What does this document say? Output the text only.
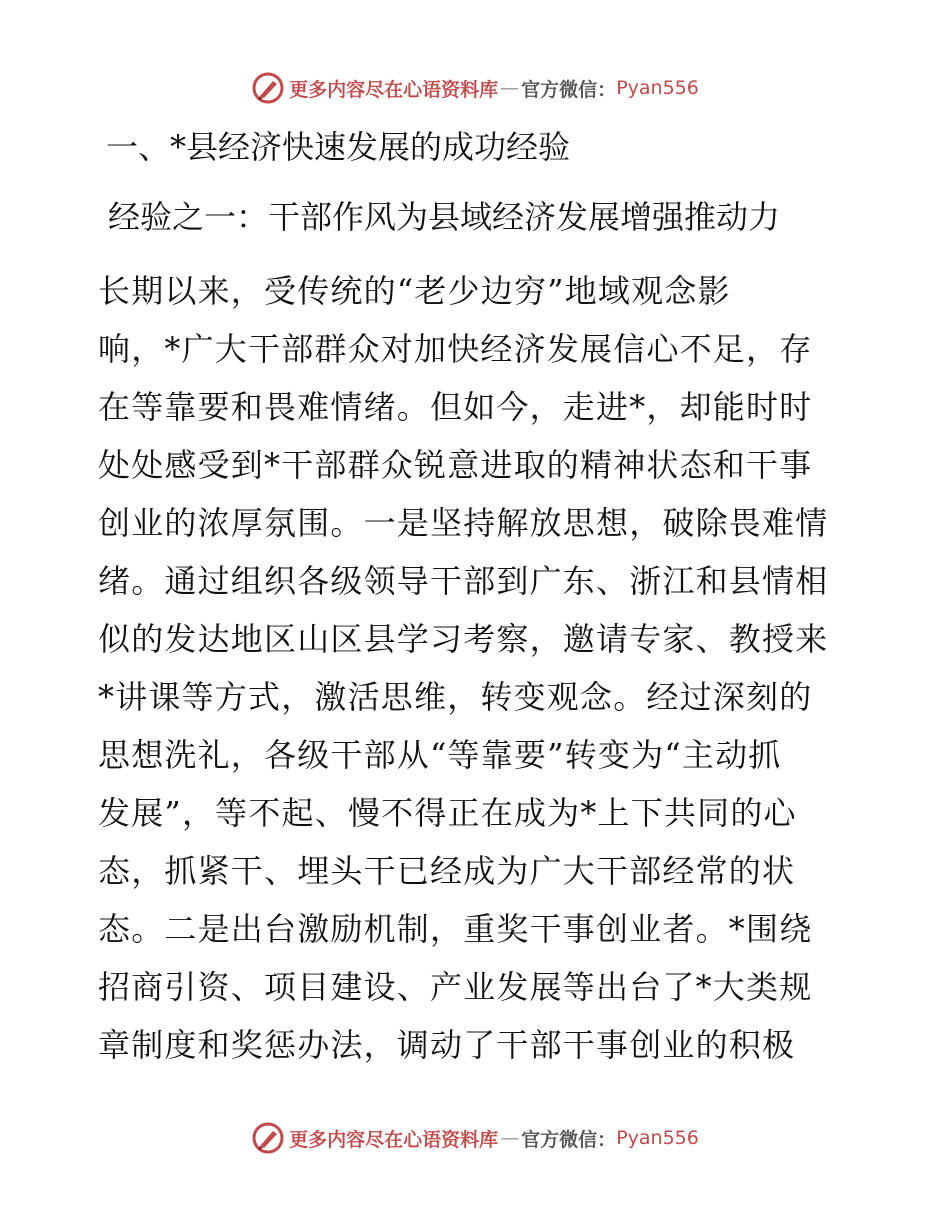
更多内容尽在心语资料库 — 官方微信： Pyan556
一、*县经济快速发展的成功经验
经验之一：干部作风为县域经济发展增强推动力
长期以来，受传统的“老少边穷”地域观念影
响，*广大干部群众对加快经济发展信心不足，存
在等靠要和畏难情绪。但如今，走进*，却能时时
处处感受到*干部群众锐意进取的精神状态和干事
创业的浓厚氛围。一是坚持解放思想，破除畏难情
绪。通过组织各级领导干部到广东、浙江和县情相
似的发达地区山区县学习考察，邀请专家、教授来
*讲课等方式，激活思维，转变观念。经过深刻的
思想洗礼，各级干部从“等靠要”转变为“主动抓
发展”，等不起、慢不得正在成为*上下共同的心
态，抓紧干、埋头干已经成为广大干部经常的状
态。二是出台激励机制，重奖干事创业者。*围绕
招商引资、项目建设、产业发展等出台了*大类规
章制度和奖惩办法，调动了干部干事创业的积极
更多内容尽在心语资料库 — 官方微信： Pyan556
